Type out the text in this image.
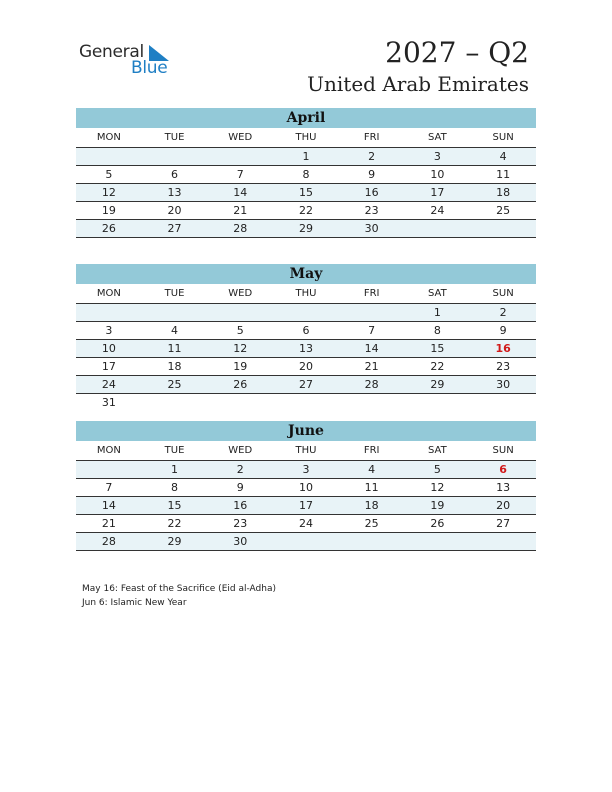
General
Blue	2027 – Q2
United Arab Emirates
April
MON	TUE	WED	THU	FRI	SAT	SUN
			1	2	3	4
5	6	7	8	9	10	11
12	13	14	15	16	17	18
19	20	21	22	23	24	25
26	27	28	29	30		
May
MON	TUE	WED	THU	FRI	SAT	SUN
					1	2
3	4	5	6	7	8	9
10	11	12	13	14	15	16
17	18	19	20	21	22	23
24	25	26	27	28	29	30
31						
June
MON	TUE	WED	THU	FRI	SAT	SUN
	1	2	3	4	5	6
7	8	9	10	11	12	13
14	15	16	17	18	19	20
21	22	23	24	25	26	27
28	29	30				
May 16: Feast of the Sacrifice (Eid al-Adha)
Jun 6: Islamic New Year
